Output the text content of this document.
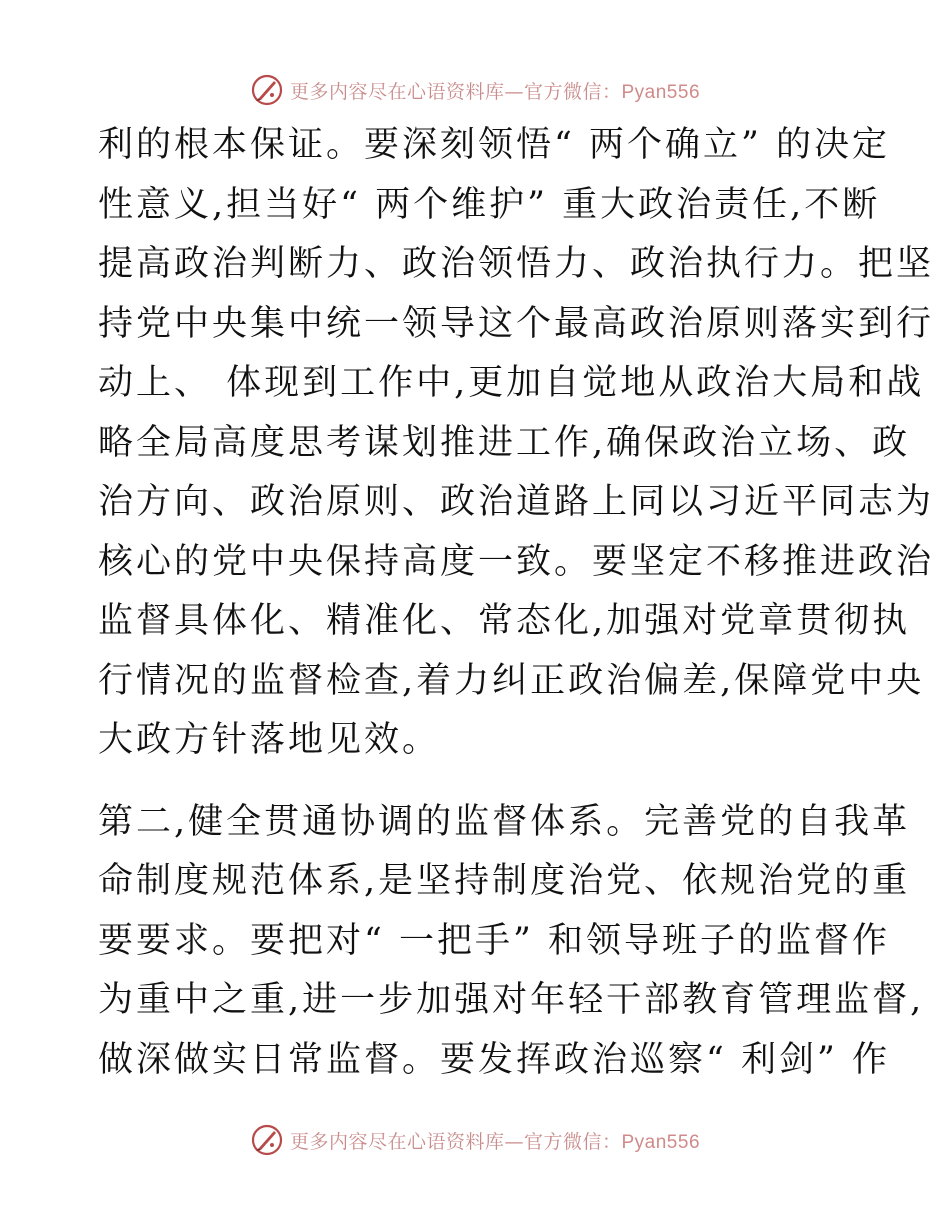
更多内容尽在心语资料库—官方微信：Pyan556

利的根本保证。要深刻领悟“ 两个确立” 的决定
性意义,担当好“ 两个维护” 重大政治责任,不断
提高政治判断力、政治领悟力、政治执行力。把坚
持党中央集中统一领导这个最高政治原则落实到行
动上、 体现到工作中,更加自觉地从政治大局和战
略全局高度思考谋划推进工作,确保政治立场、政
治方向、政治原则、政治道路上同以习近平同志为
核心的党中央保持高度一致。要坚定不移推进政治
监督具体化、精准化、常态化,加强对党章贯彻执
行情况的监督检查,着力纠正政治偏差,保障党中央
大政方针落地见效。

第二,健全贯通协调的监督体系。完善党的自我革
命制度规范体系,是坚持制度治党、依规治党的重
要要求。要把对“ 一把手” 和领导班子的监督作
为重中之重,进一步加强对年轻干部教育管理监督,
做深做实日常监督。要发挥政治巡察“ 利剑” 作

更多内容尽在心语资料库—官方微信：Pyan556
